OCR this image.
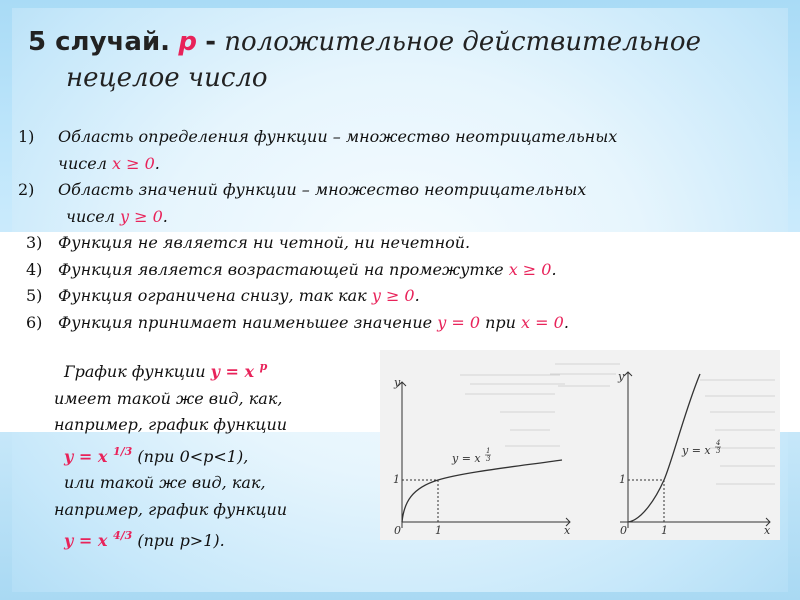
5 случай. p - положительное действительное
нецелое число
1) Область определения функции – множество неотрицательных
чисел x ≥ 0.
2) Область значений функции – множество неотрицательных
чисел y ≥ 0.
3) Функция не является ни четной, ни нечетной.
4) Функция является возрастающей на промежутке x ≥ 0.
5) Функция ограничена снизу, так как y ≥ 0.
6) Функция принимает наименьшее значение y = 0 при x = 0.
График функции y = x $^p$
имеет такой же вид, как,
например, график функции
y = x $^{1/3}$ (при 0<p<1),
или такой же вид, как,
например, график функции
y = x $^{4/3}$ (при p>1).
y
x
0	1
1
y = x
1
3
y
x
0	1
1
y = x
4
3
